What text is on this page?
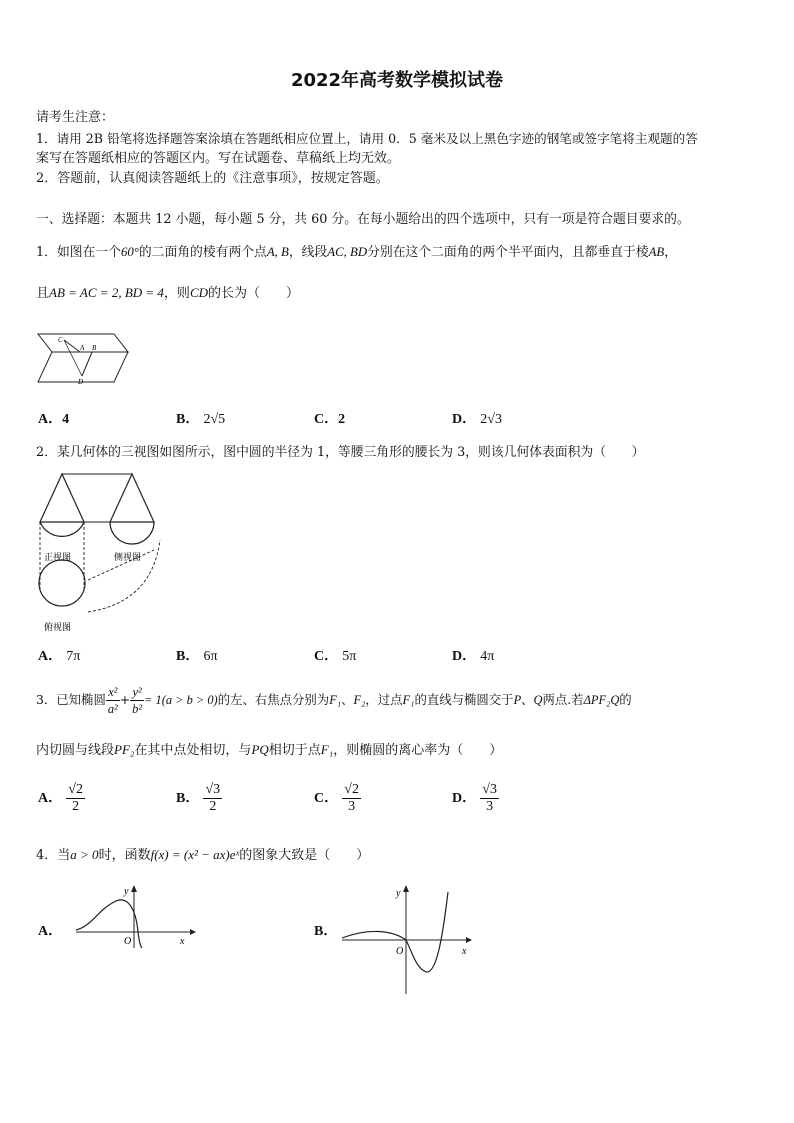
2022年高考数学模拟试卷
请考生注意：
1．请用 2B 铅笔将选择题答案涂填在答题纸相应位置上，请用 0．5 毫米及以上黑色字迹的钢笔或签字笔将主观题的答
案写在答题纸相应的答题区内。写在试题卷、草稿纸上均无效。
2．答题前，认真阅读答题纸上的《注意事项》，按规定答题。
一、选择题：本题共 12 小题，每小题 5 分，共 60 分。在每小题给出的四个选项中，只有一项是符合题目要求的。
1．如图在一个60°的二面角的棱有两个点A, B，线段AC, BD分别在这个二面角的两个半平面内，且都垂直于棱AB，
且AB = AC = 2, BD = 4，则CD的长为（　　）
C
A B
D
A．4	B． 2√5	C．2	D． 2√3
2．某几何体的三视图如图所示，图中圆的半径为 1，等腰三角形的腰长为 3，则该几何体表面积为（　　）
正视图	侧视图
俯视图
A． 7π	B． 6π	C． 5π	D． 4π
3．已知椭圆 $\frac{\text{x²}}{\text{a²}} + \frac{\text{y²}}{\text{b²}} = 1(a > b > 0)$的左、右焦点分别为F₁、F₂，过点F₁的直线与椭圆交于P、Q两点.若ΔPF₂Q的
内切圆与线段PF₂在其中点处相切，与PQ相切于点F₁，则椭圆的离心率为（　　）
A． $\frac{√2}{2}$	B． $\frac{√3}{2}$	C． $\frac{√2}{3}$	D． $\frac{√3}{3}$
4．当a > 0时，函数f(x) = (x² − ax)eˣ的图象大致是（　　）
A．
y
x
O
B．
y
x
O
